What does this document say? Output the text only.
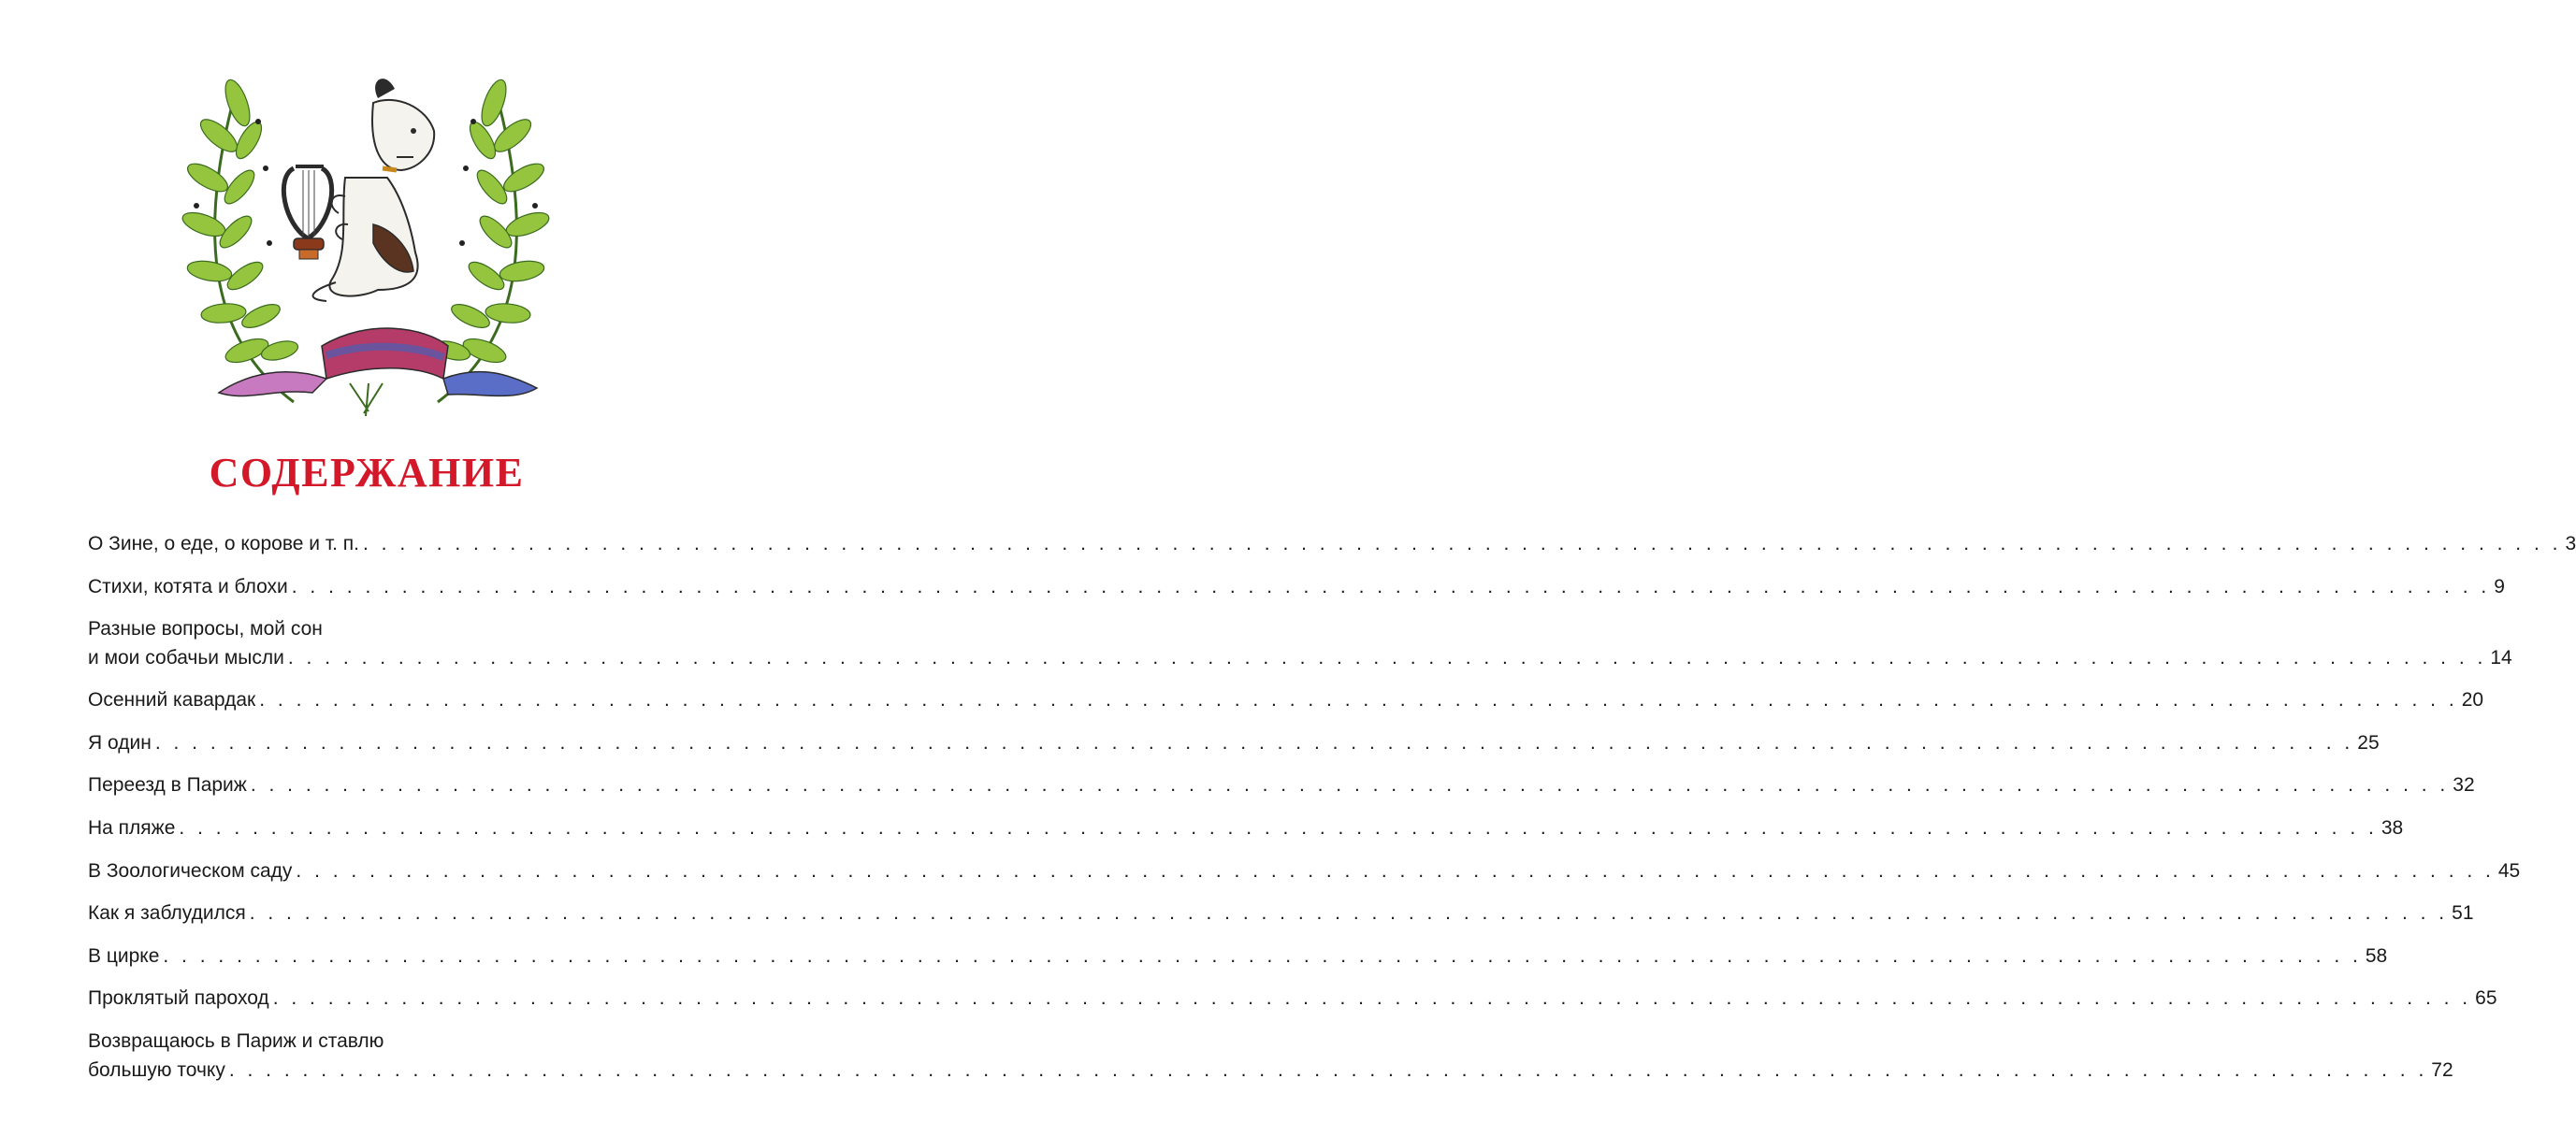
СОДЕРЖАНИЕ
О Зине, о еде, о корове и т. п. . . . . . . . . . . . . . . . . . . . . . . . . . . . . . . . . . . . . . . . . . . . . . . . . . . . . . . . . . . . . . . . . . . . . . . . . . . . . . . . . . . . . . . . . . . . . . . . . . . . . . . . . . . . . . . . . . . . . . . . . 3
Стихи, котята и блохи . . . . . . . . . . . . . . . . . . . . . . . . . . . . . . . . . . . . . . . . . . . . . . . . . . . . . . . . . . . . . . . . . . . . . . . . . . . . . . . . . . . . . . . . . . . . . . . . . . . . . . . . . . . . . . . . . . . . . . . . 9
Разные вопросы, мой сон
и мои собачьи мысли . . . . . . . . . . . . . . . . . . . . . . . . . . . . . . . . . . . . . . . . . . . . . . . . . . . . . . . . . . . . . . . . . . . . . . . . . . . . . . . . . . . . . . . . . . . . . . . . . . . . . . . . . . . . . . . . . . . . . . . . 14
Осенний кавардак . . . . . . . . . . . . . . . . . . . . . . . . . . . . . . . . . . . . . . . . . . . . . . . . . . . . . . . . . . . . . . . . . . . . . . . . . . . . . . . . . . . . . . . . . . . . . . . . . . . . . . . . . . . . . . . . . . . . . . . . 20
Я один . . . . . . . . . . . . . . . . . . . . . . . . . . . . . . . . . . . . . . . . . . . . . . . . . . . . . . . . . . . . . . . . . . . . . . . . . . . . . . . . . . . . . . . . . . . . . . . . . . . . . . . . . . . . . . . . . . . . . . . . 25
Переезд в Париж . . . . . . . . . . . . . . . . . . . . . . . . . . . . . . . . . . . . . . . . . . . . . . . . . . . . . . . . . . . . . . . . . . . . . . . . . . . . . . . . . . . . . . . . . . . . . . . . . . . . . . . . . . . . . . . . . . . . . . . . 32
На пляже . . . . . . . . . . . . . . . . . . . . . . . . . . . . . . . . . . . . . . . . . . . . . . . . . . . . . . . . . . . . . . . . . . . . . . . . . . . . . . . . . . . . . . . . . . . . . . . . . . . . . . . . . . . . . . . . . . . . . . . . 38
В Зоологическом саду . . . . . . . . . . . . . . . . . . . . . . . . . . . . . . . . . . . . . . . . . . . . . . . . . . . . . . . . . . . . . . . . . . . . . . . . . . . . . . . . . . . . . . . . . . . . . . . . . . . . . . . . . . . . . . . . . . . . . . . . 45
Как я заблудился . . . . . . . . . . . . . . . . . . . . . . . . . . . . . . . . . . . . . . . . . . . . . . . . . . . . . . . . . . . . . . . . . . . . . . . . . . . . . . . . . . . . . . . . . . . . . . . . . . . . . . . . . . . . . . . . . . . . . . . . 51
В цирке . . . . . . . . . . . . . . . . . . . . . . . . . . . . . . . . . . . . . . . . . . . . . . . . . . . . . . . . . . . . . . . . . . . . . . . . . . . . . . . . . . . . . . . . . . . . . . . . . . . . . . . . . . . . . . . . . . . . . . . . 58
Проклятый пароход . . . . . . . . . . . . . . . . . . . . . . . . . . . . . . . . . . . . . . . . . . . . . . . . . . . . . . . . . . . . . . . . . . . . . . . . . . . . . . . . . . . . . . . . . . . . . . . . . . . . . . . . . . . . . . . . . . . . . . . . 65
Возвращаюсь в Париж и ставлю
большую точку . . . . . . . . . . . . . . . . . . . . . . . . . . . . . . . . . . . . . . . . . . . . . . . . . . . . . . . . . . . . . . . . . . . . . . . . . . . . . . . . . . . . . . . . . . . . . . . . . . . . . . . . . . . . . . . . . . . . . . . . 72
